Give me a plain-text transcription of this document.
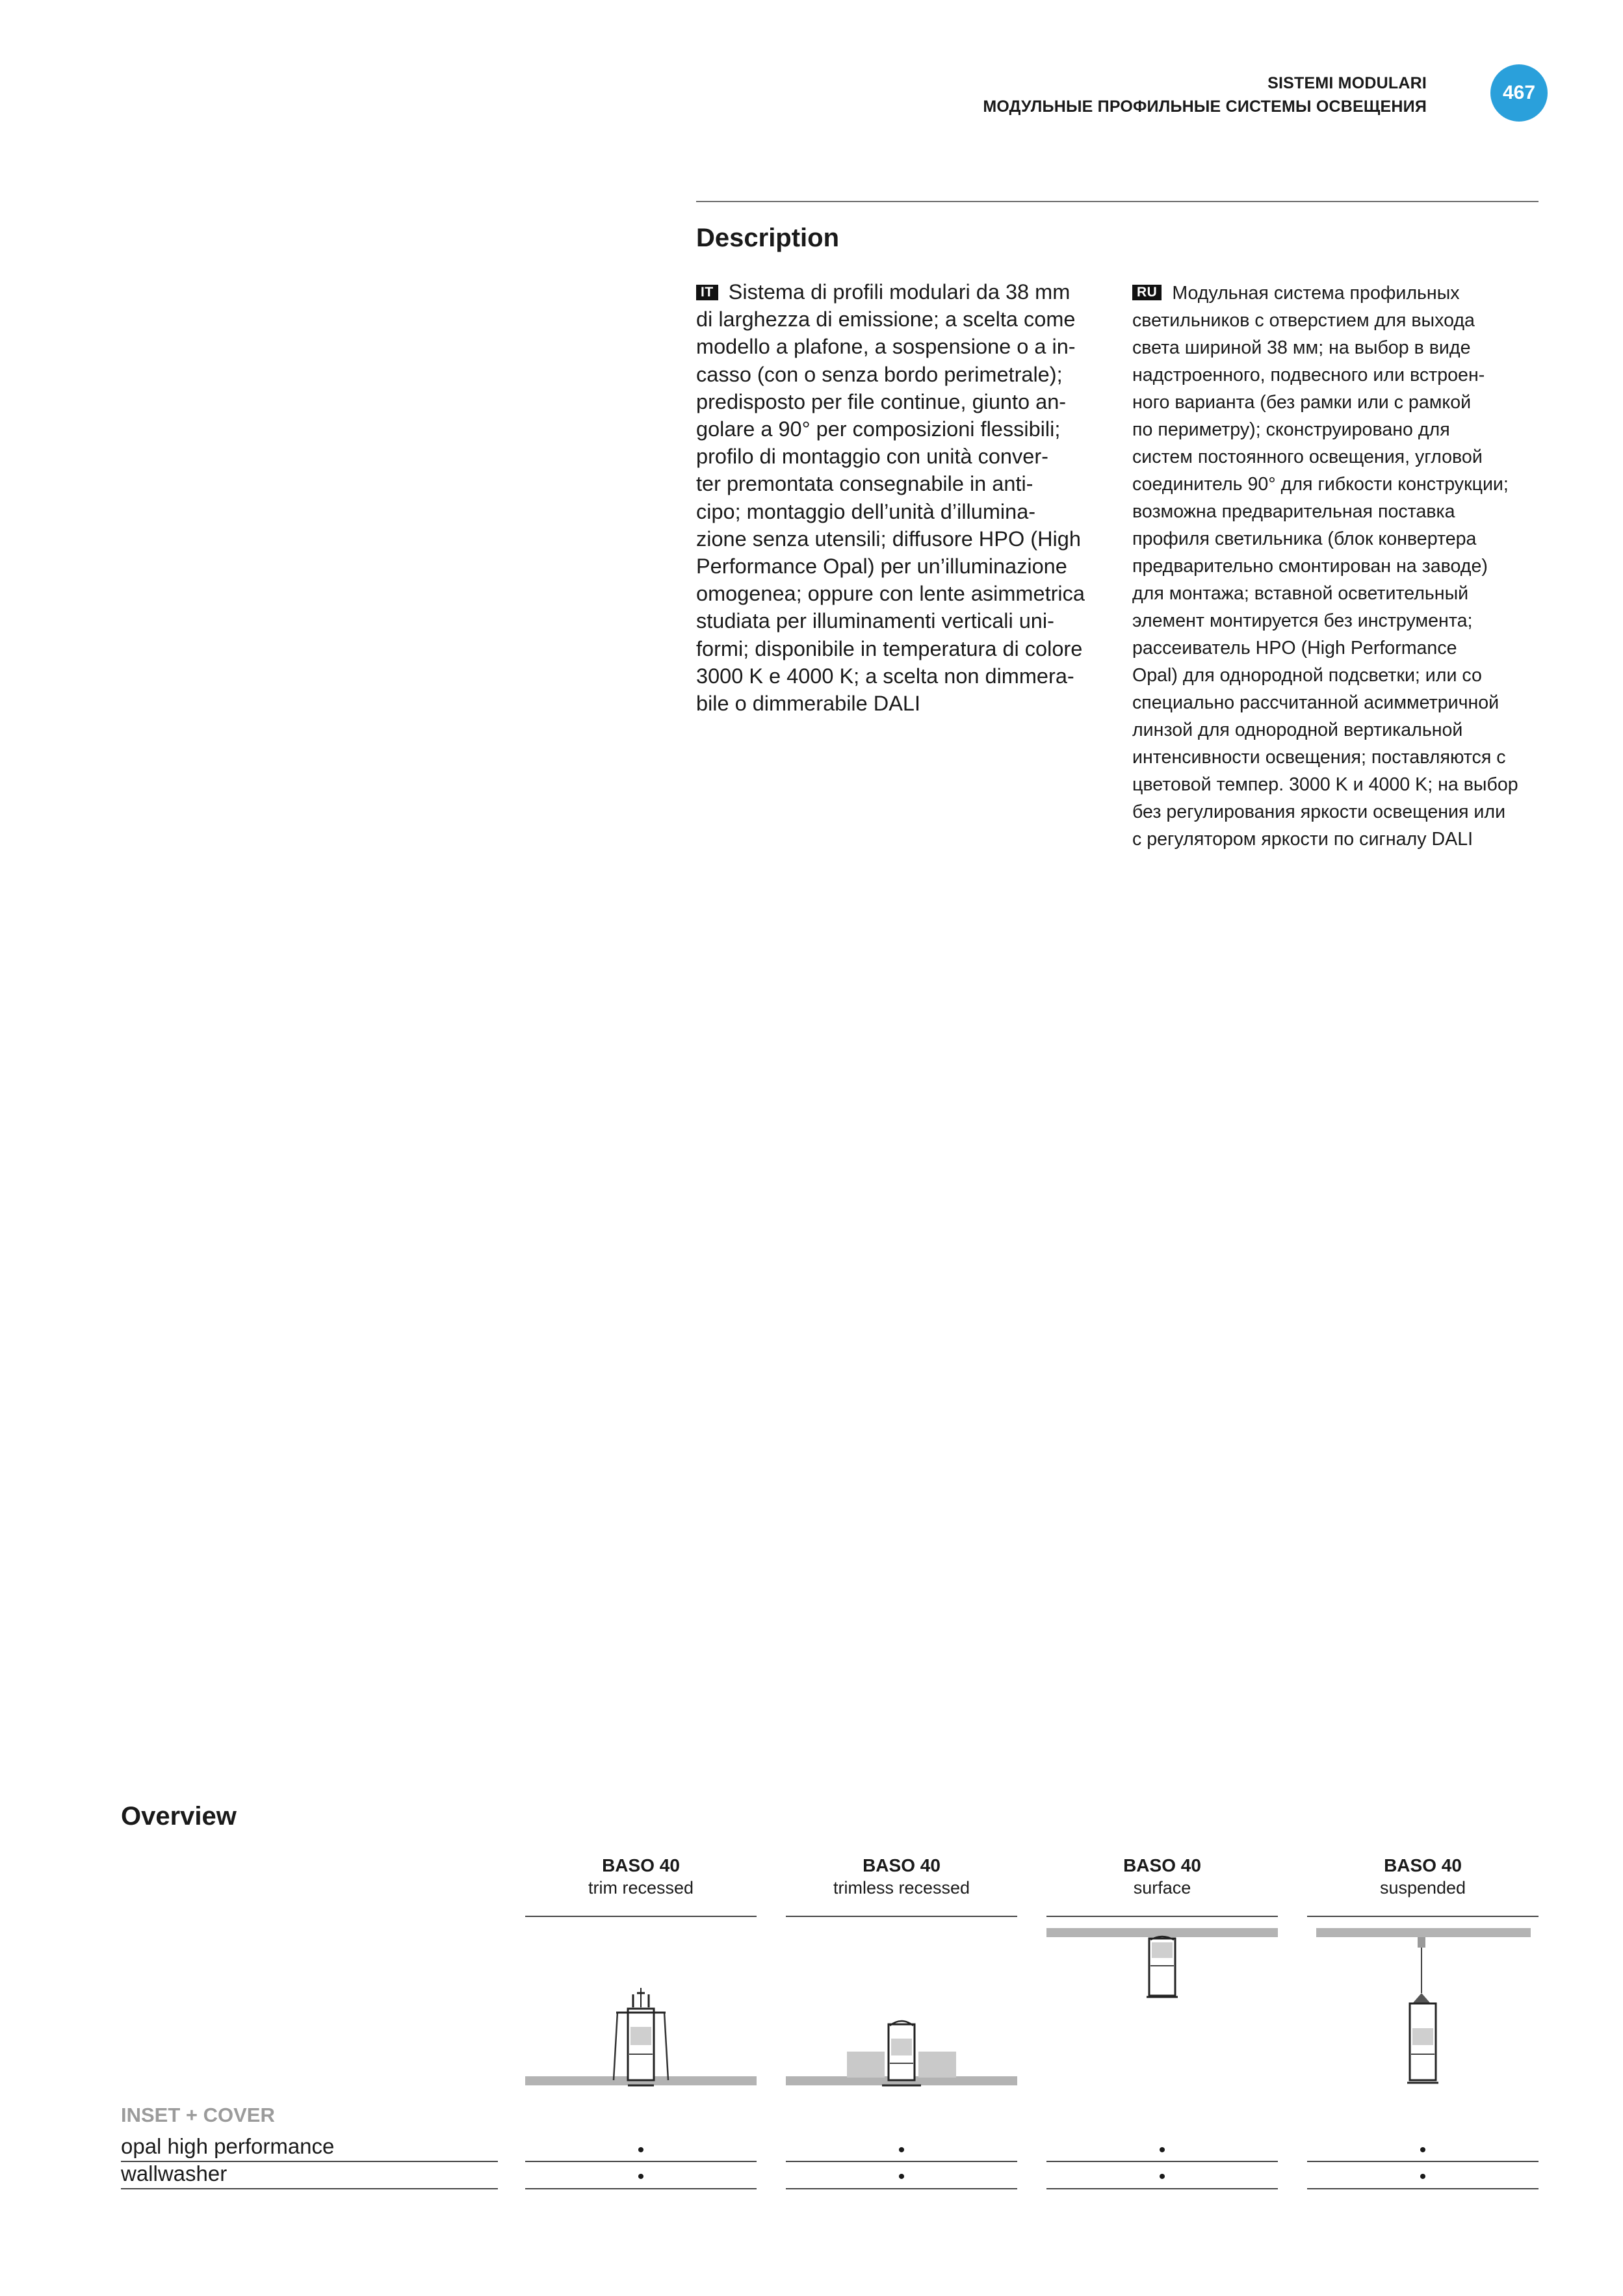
SISTEMI MODULARI
МОДУЛЬНЫЕ ПРОФИЛЬНЫЕ СИСТЕМЫ ОСВЕЩЕНИЯ
467
Description
IT Sistema di profili modulari da 38 mm
di larghezza di emissione; a scelta come
modello a plafone, a sospensione o a in-
casso (con o senza bordo perimetrale);
predisposto per file continue, giunto an-
golare a 90° per composizioni flessibili;
profilo di montaggio con unità conver-
ter premontata consegnabile in anti-
cipo; montaggio dell’unità d’illumina-
zione senza utensili; diffusore HPO (High
Performance Opal) per un’illuminazione
omogenea; oppure con lente asimmetrica
studiata per illuminamenti verticali uni-
formi; disponibile in temperatura di colore
3000 K e 4000 K; a scelta non dimmera-
bile o dimmerabile DALI
RU Модульная система профильных
светильников с отверстием для выхода
света шириной 38 мм; на выбор в виде
надстроенного, подвесного или встроен-
ного варианта (без рамки или с рамкой
по периметру); сконструировано для
систем постоянного освещения, угловой
соединитель 90° для гибкости конструкции;
возможна предварительная поставка
профиля светильника (блок конвертера
предварительно смонтирован на заводе)
для монтажа; вставной осветительный
элемент монтируется без инструмента;
рассеиватель HPO (High Performance
Opal) для однородной подсветки; или со
специально рассчитанной асимметричной
линзой для однородной вертикальной
интенсивности освещения; поставляются с
цветовой темпер. 3000 K и 4000 K; на выбор
без регулирования яркости освещения или
с регулятором яркости по сигналу DALI
Overview
BASO 40
trim recessed
BASO 40
trimless recessed
BASO 40
surface
BASO 40
suspended
INSET + COVER
opal high performance	•	•	•	•
wallwasher	•	•	•	•
